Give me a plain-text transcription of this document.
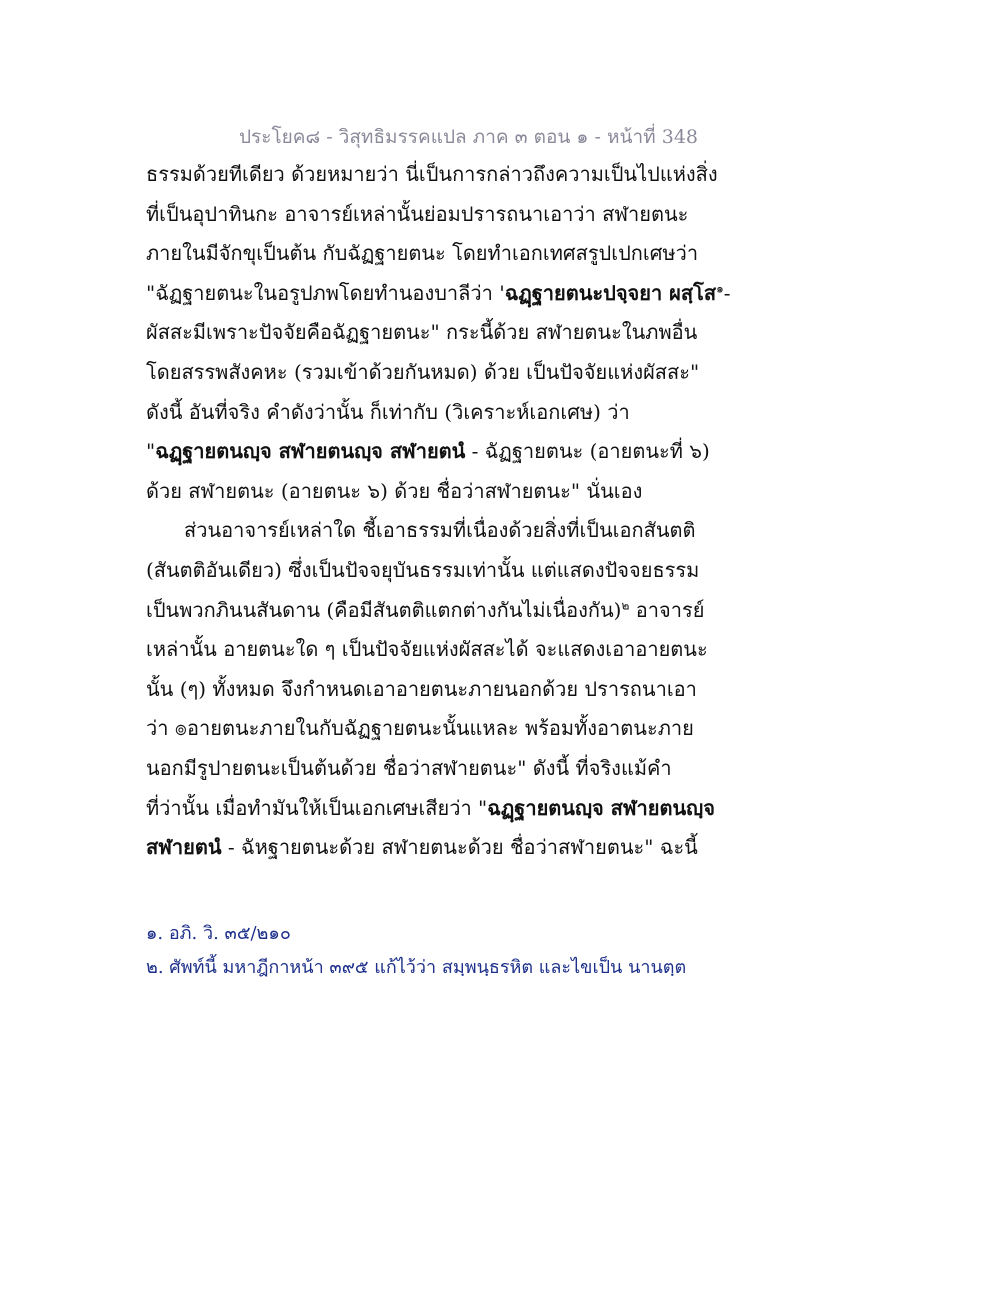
ประโยค๘ - วิสุทธิมรรคแปล ภาค ๓ ตอน ๑ - หน้าที่ 348
ธรรมด้วยทีเดียว ด้วยหมายว่า นี่เป็นการกล่าวถึงความเป็นไปแห่งสิ่ง
ที่เป็นอุปาทินกะ อาจารย์เหล่านั้นย่อมปรารถนาเอาว่า สฬายตนะ
ภายในมีจักขุเป็นต้น กับฉัฏฐายตนะ โดยทำเอกเทศสรูปเปกเศษว่า
"ฉัฏฐายตนะในอรูปภพโดยทำนองบาลีว่า 'ฉฏฺฐายตนะปจฺจยา ผสฺโส$^๑$-
ผัสสะมีเพราะปัจจัยคือฉัฏฐายตนะ" กระนี้ด้วย สฬายตนะในภพอื่น
โดยสรรพสังคหะ (รวมเข้าด้วยกันหมด) ด้วย เป็นปัจจัยแห่งผัสสะ"
ดังนี้ อันที่จริง คำดังว่านั้น ก็เท่ากับ (วิเคราะห์เอกเศษ) ว่า
"ฉฏฺฐายตนญฺจ สฬายตนญฺจ สฬายตนํ - ฉัฏฐายตนะ (อายตนะที่ ๖)
ด้วย สฬายตนะ (อายตนะ ๖) ด้วย ชื่อว่าสฬายตนะ" นั่นเอง
ส่วนอาจารย์เหล่าใด ชี้เอาธรรมที่เนื่องด้วยสิ่งที่เป็นเอกสันตติ
(สันตติอันเดียว) ซึ่งเป็นปัจจยุบันธรรมเท่านั้น แต่แสดงปัจจยธรรม
เป็นพวกภินนสันดาน (คือมีสันตติแตกต่างกันไม่เนื่องกัน)$^๒$ อาจารย์
เหล่านั้น อายตนะใด ๆ เป็นปัจจัยแห่งผัสสะได้ จะแสดงเอาอายตนะ
นั้น (ๆ) ทั้งหมด จึงกำหนดเอาอายตนะภายนอกด้วย ปรารถนาเอา
ว่า ๏อายตนะภายในกับฉัฏฐายตนะนั้นแหละ พร้อมทั้งอาตนะภาย
นอกมีรูปายตนะเป็นต้นด้วย ชื่อว่าสฬายตนะ" ดังนี้ ที่จริงแม้คำ
ที่ว่านั้น เมื่อทำมันให้เป็นเอกเศษเสียว่า "ฉฏฺฐายตนญฺจ สฬายตนญฺจ
สฬายตนํ - ฉัหฐายตนะด้วย สฬายตนะด้วย ชื่อว่าสฬายตนะ" ฉะนี้
๑. อภิ. วิ. ๓๕/๒๑๐
๒. ศัพท์นี้ มหาฎีกาหน้า ๓๙๕ แก้ไว้ว่า สมฺพนฺธรหิต และไขเป็น นานตฺต
